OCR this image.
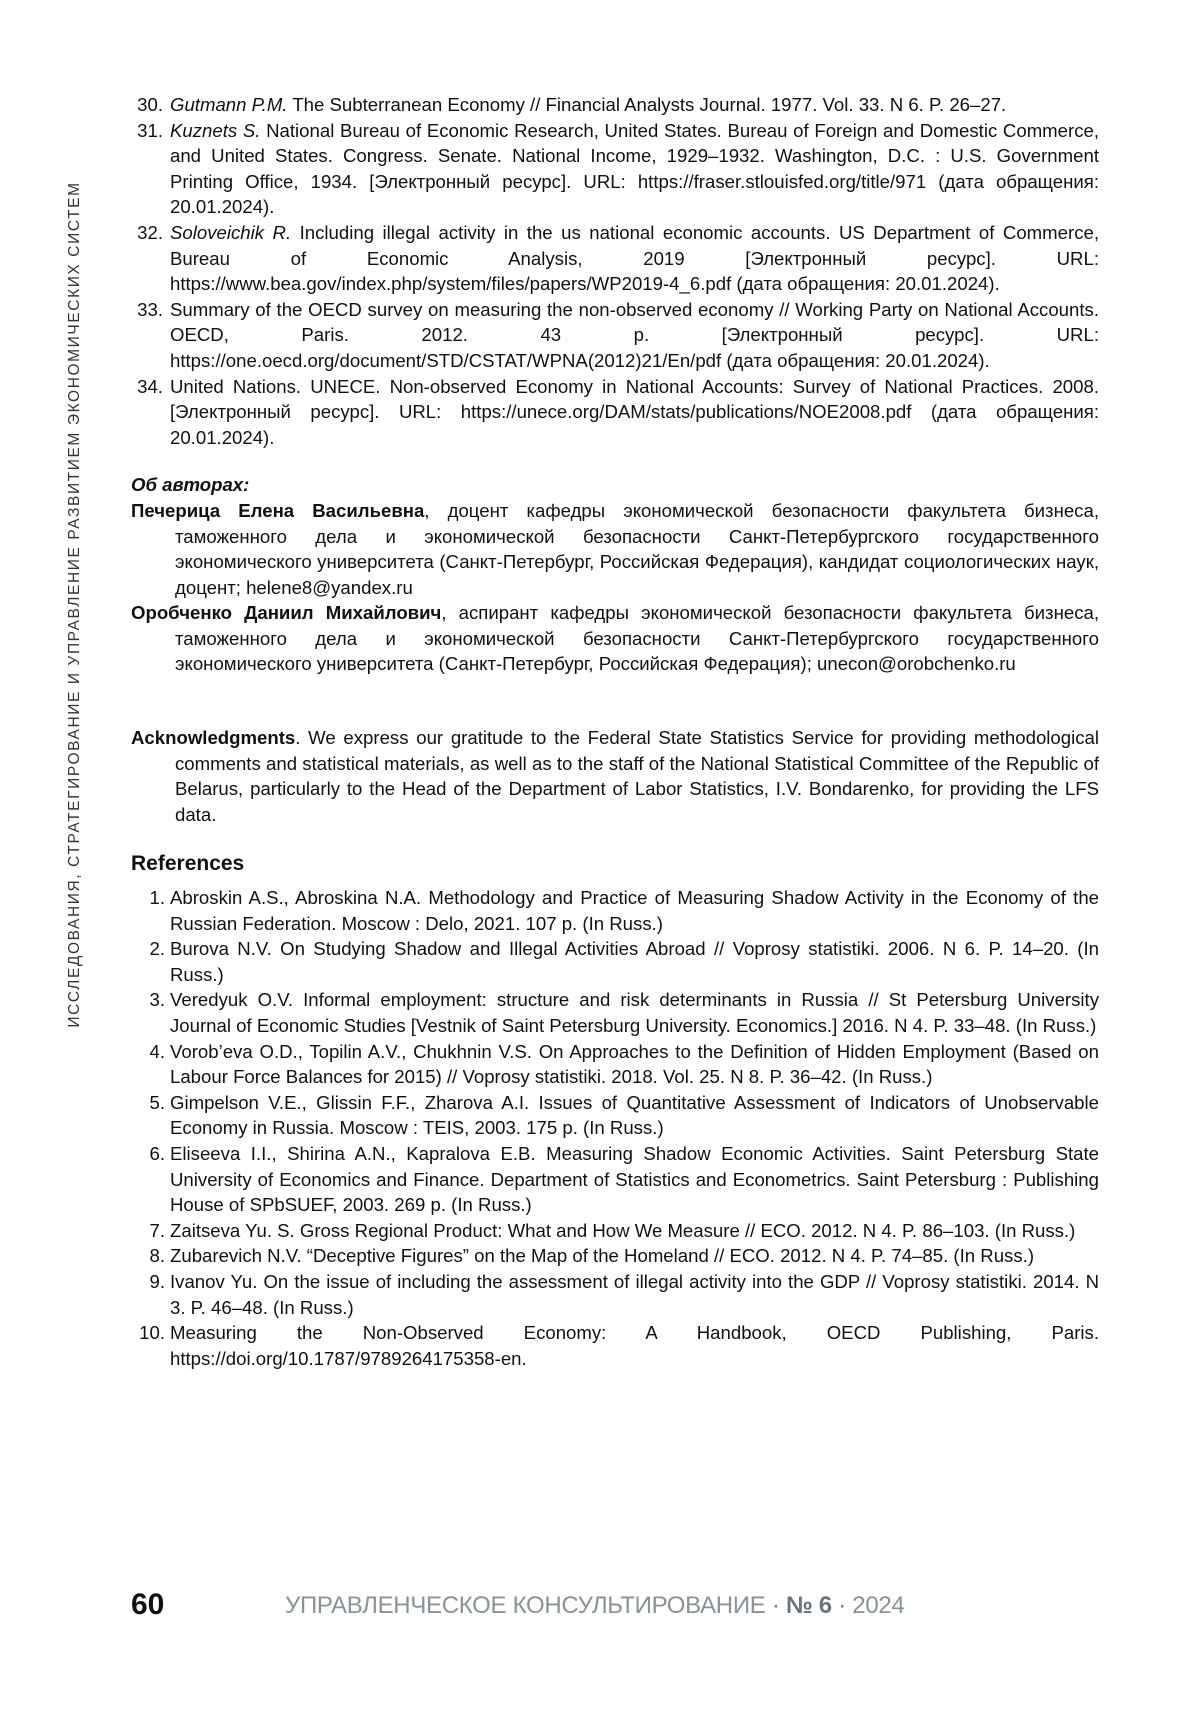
ИССЛЕДОВАНИЯ, СТРАТЕГИРОВАНИЕ И УПРАВЛЕНИЕ РАЗВИТИЕМ ЭКОНОМИЧЕСКИХ СИСТЕМ
30. Gutmann P.M. The Subterranean Economy // Financial Analysts Journal. 1977. Vol. 33. N 6. P. 26–27.
31. Kuznets S. National Bureau of Economic Research, United States. Bureau of Foreign and Domestic Commerce, and United States. Congress. Senate. National Income, 1929–1932. Washington, D.C. : U.S. Government Printing Office, 1934. [Электронный ресурс]. URL: https://fraser.stlouisfed.org/title/971 (дата обращения: 20.01.2024).
32. Soloveichik R. Including illegal activity in the us national economic accounts. US Department of Commerce, Bureau of Economic Analysis, 2019 [Электронный ресурс]. URL: https://www.bea.gov/index.php/system/files/papers/WP2019-4_6.pdf (дата обращения: 20.01.2024).
33. Summary of the OECD survey on measuring the non-observed economy // Working Party on National Accounts. OECD, Paris. 2012. 43 p. [Электронный ресурс]. URL: https://one.oecd.org/document/STD/CSTAT/WPNA(2012)21/En/pdf (дата обращения: 20.01.2024).
34. United Nations. UNECE. Non-observed Economy in National Accounts: Survey of National Practices. 2008. [Электронный ресурс]. URL: https://unece.org/DAM/stats/publications/NOE2008.pdf (дата обращения: 20.01.2024).
Об авторах:
Печерица Елена Васильевна, доцент кафедры экономической безопасности факультета бизнеса, таможенного дела и экономической безопасности Санкт-Петербургского государственного экономического университета (Санкт-Петербург, Российская Федерация), кандидат социологических наук, доцент; helene8@yandex.ru
Оробченко Даниил Михайлович, аспирант кафедры экономической безопасности факультета бизнеса, таможенного дела и экономической безопасности Санкт-Петербургского государственного экономического университета (Санкт-Петербург, Российская Федерация); unecon@orobchenko.ru
Acknowledgments. We express our gratitude to the Federal State Statistics Service for providing methodological comments and statistical materials, as well as to the staff of the National Statistical Committee of the Republic of Belarus, particularly to the Head of the Department of Labor Statistics, I.V. Bondarenko, for providing the LFS data.
References
1. Abroskin A.S., Abroskina N.A. Methodology and Practice of Measuring Shadow Activity in the Economy of the Russian Federation. Moscow : Delo, 2021. 107 p. (In Russ.)
2. Burova N.V. On Studying Shadow and Illegal Activities Abroad // Voprosy statistiki. 2006. N 6. P. 14–20. (In Russ.)
3. Veredyuk O.V. Informal employment: structure and risk determinants in Russia // St Petersburg University Journal of Economic Studies [Vestnik of Saint Petersburg University. Economics.] 2016. N 4. P. 33–48. (In Russ.)
4. Vorob’eva O.D., Topilin A.V., Chukhnin V.S. On Approaches to the Definition of Hidden Employment (Based on Labour Force Balances for 2015) // Voprosy statistiki. 2018. Vol. 25. N 8. P. 36–42. (In Russ.)
5. Gimpelson V.E., Glissin F.F., Zharova A.I. Issues of Quantitative Assessment of Indicators of Unobservable Economy in Russia. Moscow : TEIS, 2003. 175 p. (In Russ.)
6. Eliseeva I.I., Shirina A.N., Kapralova E.B. Measuring Shadow Economic Activities. Saint Petersburg State University of Economics and Finance. Department of Statistics and Econometrics. Saint Petersburg : Publishing House of SPbSUEF, 2003. 269 p. (In Russ.)
7. Zaitseva Yu. S. Gross Regional Product: What and How We Measure // ECO. 2012. N 4. P. 86–103. (In Russ.)
8. Zubarevich N.V. “Deceptive Figures” on the Map of the Homeland // ECO. 2012. N 4. P. 74–85. (In Russ.)
9. Ivanov Yu. On the issue of including the assessment of illegal activity into the GDP // Voprosy statistiki. 2014. N 3. P. 46–48. (In Russ.)
10. Measuring the Non-Observed Economy: A Handbook, OECD Publishing, Paris. https://doi.org/10.1787/9789264175358-en.
60	УПРАВЛЕНЧЕСКОЕ КОНСУЛЬТИРОВАНИЕ · № 6 · 2024
